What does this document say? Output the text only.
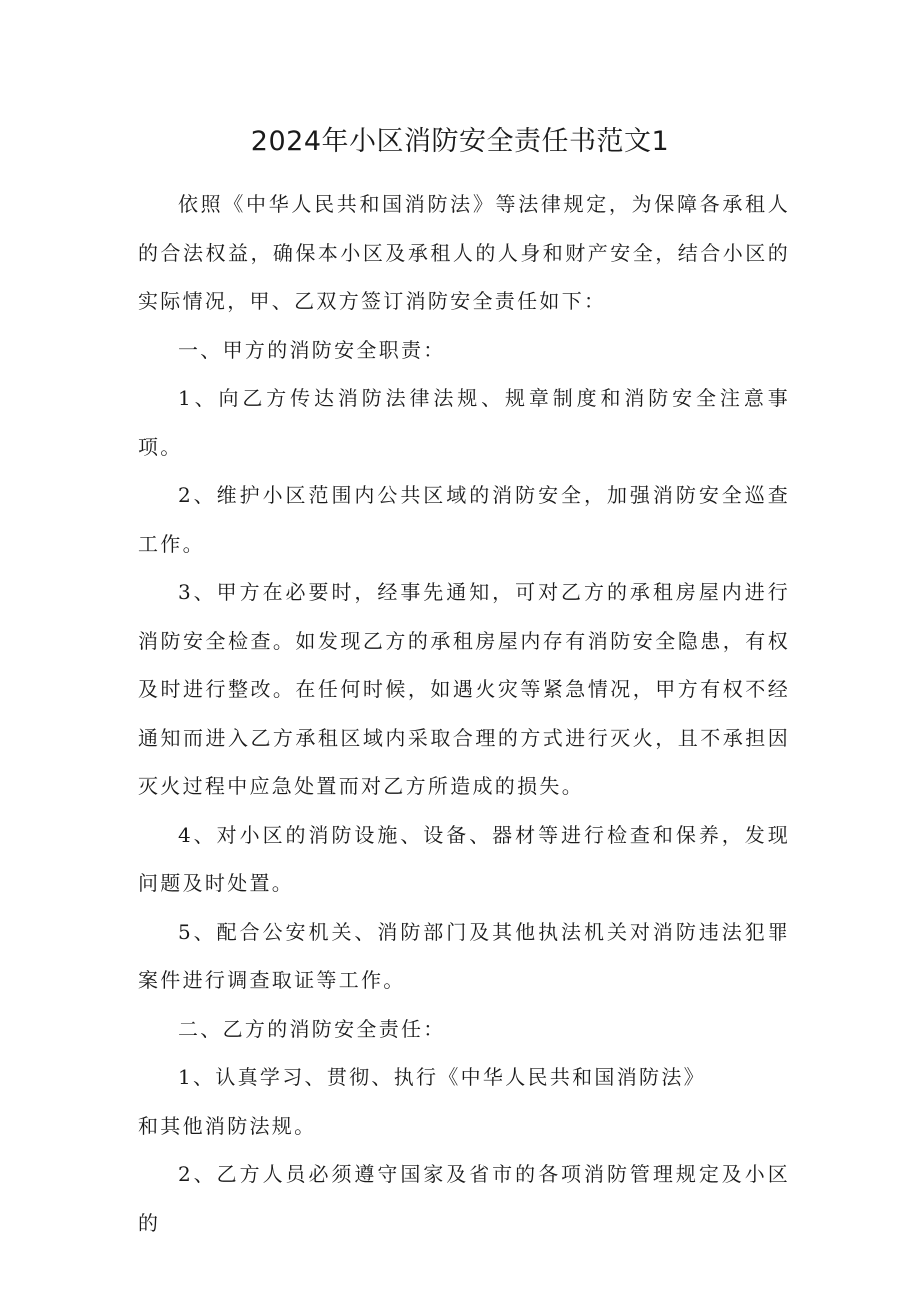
2024年小区消防安全责任书范文1

依照《中华人民共和国消防法》等法律规定，为保障各承租人的合法权益，确保本小区及承租人的人身和财产安全，结合小区的实际情况，甲、乙双方签订消防安全责任如下：

一、甲方的消防安全职责：

1、向乙方传达消防法律法规、规章制度和消防安全注意事项。

2、维护小区范围内公共区域的消防安全，加强消防安全巡查工作。

3、甲方在必要时，经事先通知，可对乙方的承租房屋内进行消防安全检查。如发现乙方的承租房屋内存有消防安全隐患，有权及时进行整改。在任何时候，如遇火灾等紧急情况，甲方有权不经通知而进入乙方承租区域内采取合理的方式进行灭火，且不承担因灭火过程中应急处置而对乙方所造成的损失。

4、对小区的消防设施、设备、器材等进行检查和保养，发现问题及时处置。

5、配合公安机关、消防部门及其他执法机关对消防违法犯罪案件进行调查取证等工作。

二、乙方的消防安全责任：

1、认真学习、贯彻、执行《中华人民共和国消防法》

和其他消防法规。

2、乙方人员必须遵守国家及省市的各项消防管理规定及小区的
